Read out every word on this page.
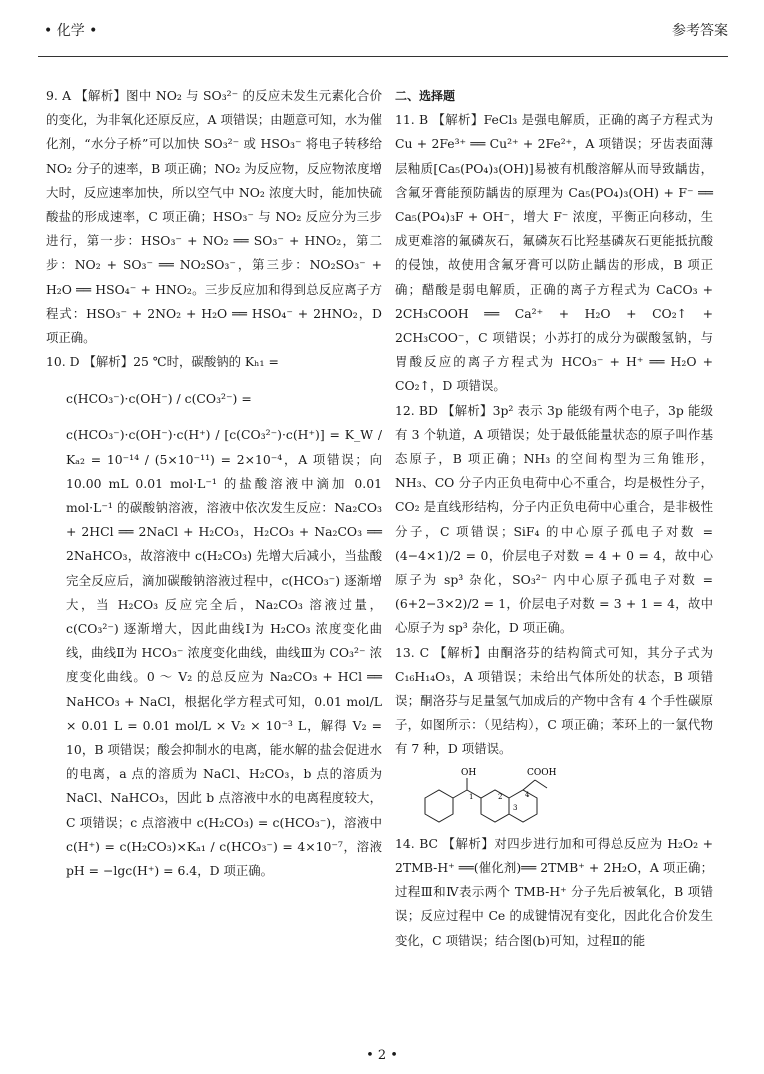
• 化学 •	参考答案

9. A 【解析】图中 NO₂ 与 SO₃²⁻ 的反应未发生元素化合价的变化，为非氧化还原反应，A 项错误；由题意可知，水为催化剂，“水分子桥”可以加快 SO₃²⁻ 或 HSO₃⁻ 将电子转移给 NO₂ 分子的速率，B 项正确；NO₂ 为反应物，反应物浓度增大时，反应速率加快，所以空气中 NO₂ 浓度大时，能加快硫酸盐的形成速率，C 项正确；HSO₃⁻ 与 NO₂ 反应分为三步进行，第一步：HSO₃⁻ + NO₂ ══ SO₃⁻ + HNO₂，第二步：NO₂ + SO₃⁻ ══ NO₂SO₃⁻，第三步：NO₂SO₃⁻ + H₂O ══ HSO₄⁻ + HNO₂。三步反应加和得到总反应离子方程式：HSO₃⁻ + 2NO₂ + H₂O ══ HSO₄⁻ + 2HNO₂，D 项正确。

10. D 【解析】25 ℃时，碳酸钠的 Kₕ₁ =

c(HCO₃⁻)·c(OH⁻) / c(CO₃²⁻) =

c(HCO₃⁻)·c(OH⁻)·c(H⁺) / [c(CO₃²⁻)·c(H⁺)] = K_W / Kₐ₂ = 10⁻¹⁴ / (5×10⁻¹¹) = 2×10⁻⁴，A 项错误；向 10.00 mL 0.01 mol·L⁻¹ 的盐酸溶液中滴加 0.01 mol·L⁻¹ 的碳酸钠溶液，溶液中依次发生反应：Na₂CO₃ + 2HCl ══ 2NaCl + H₂CO₃，H₂CO₃ + Na₂CO₃ ══ 2NaHCO₃，故溶液中 c(H₂CO₃) 先增大后减小，当盐酸完全反应后，滴加碳酸钠溶液过程中，c(HCO₃⁻) 逐渐增大，当 H₂CO₃ 反应完全后，Na₂CO₃ 溶液过量，c(CO₃²⁻) 逐渐增大，因此曲线Ⅰ为 H₂CO₃ 浓度变化曲线，曲线Ⅱ为 HCO₃⁻ 浓度变化曲线，曲线Ⅲ为 CO₃²⁻ 浓度变化曲线。0 ～ V₂ 的总反应为 Na₂CO₃ + HCl ══ NaHCO₃ + NaCl，根据化学方程式可知，0.01 mol/L × 0.01 L = 0.01 mol/L × V₂ × 10⁻³ L，解得 V₂ = 10，B 项错误；酸会抑制水的电离，能水解的盐会促进水的电离，a 点的溶质为 NaCl、H₂CO₃，b 点的溶质为 NaCl、NaHCO₃，因此 b 点溶液中水的电离程度较大，C 项错误；c 点溶液中 c(H₂CO₃) = c(HCO₃⁻)，溶液中 c(H⁺) = c(H₂CO₃)×Kₐ₁ / c(HCO₃⁻) = 4×10⁻⁷，溶液 pH = −lgc(H⁺) = 6.4，D 项正确。

二、选择题

11. B 【解析】FeCl₃ 是强电解质，正确的离子方程式为 Cu + 2Fe³⁺ ══ Cu²⁺ + 2Fe²⁺，A 项错误；牙齿表面薄层釉质[Ca₅(PO₄)₃(OH)]易被有机酸溶解从而导致龋齿，含氟牙膏能预防龋齿的原理为 Ca₅(PO₄)₃(OH) + F⁻ ══ Ca₅(PO₄)₃F + OH⁻，增大 F⁻ 浓度，平衡正向移动，生成更难溶的氟磷灰石，氟磷灰石比羟基磷灰石更能抵抗酸的侵蚀，故使用含氟牙膏可以防止龋齿的形成，B 项正确；醋酸是弱电解质，正确的离子方程式为 CaCO₃ + 2CH₃COOH ══ Ca²⁺ + H₂O + CO₂↑ + 2CH₃COO⁻，C 项错误；小苏打的成分为碳酸氢钠，与胃酸反应的离子方程式为 HCO₃⁻ + H⁺ ══ H₂O + CO₂↑，D 项错误。

12. BD 【解析】3p² 表示 3p 能级有两个电子，3p 能级有 3 个轨道，A 项错误；处于最低能量状态的原子叫作基态原子，B 项正确；NH₃ 的空间构型为三角锥形，NH₃、CO 分子内正负电荷中心不重合，均是极性分子，CO₂ 是直线形结构，分子内正负电荷中心重合，是非极性分子，C 项错误；SiF₄ 的中心原子孤电子对数 = (4−4×1)/2 = 0，价层电子对数 = 4 + 0 = 4，故中心原子为 sp³ 杂化，SO₃²⁻ 内中心原子孤电子对数 = (6+2−3×2)/2 = 1，价层电子对数 = 3 + 1 = 4，故中心原子为 sp³ 杂化，D 项正确。

13. C 【解析】由酮洛芬的结构简式可知，其分子式为 C₁₆H₁₄O₃，A 项错误；未给出气体所处的状态，B 项错误；酮洛芬与足量氢气加成后的产物中含有 4 个手性碳原子，如图所示：（见结构），C 项正确；苯环上的一氯代物有 7 种，D 项错误。

OH	COOH
1	2
3
4

14. BC 【解析】对四步进行加和可得总反应为 H₂O₂ + 2TMB-H⁺ ══(催化剂)══ 2TMB⁺ + 2H₂O，A 项正确；过程Ⅲ和Ⅳ表示两个 TMB-H⁺ 分子先后被氧化，B 项错误；反应过程中 Ce 的成键情况有变化，因此化合价发生变化，C 项错误；结合图(b)可知，过程Ⅱ的能

• 2 •
